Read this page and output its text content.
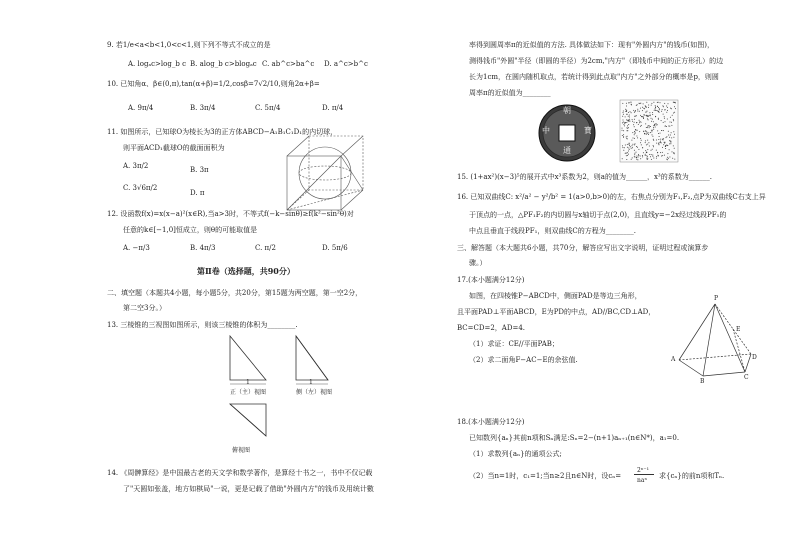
9. 若1/e<a<b<1,0<c<1,则下列不等式不成立的是
A. logₐc>log_b c B. alog_b c>blogₐc C. ab^c>ba^c D. a^c>b^c
10. 已知角α、β∈(0,π),tan(α+β)=1/2,cosβ=7√2/10,则角2α+β=
A. 9π/4	B. 3π/4	C. 5π/4	D. π/4
11. 如图所示，已知球O为棱长为3的正方体ABCD−A₁B₁C₁D₁的内切球，
则平面ACD₁截球O的截面面积为
A. 3π/2	B. 3π
C. 3√6π/2
D. π
12. 设函数f(x)=x(x−a)²(x∈R),当a>3时，不等式f(−k−sinθ)≥f(k²−sin²θ)对
任意的k∈[−1,0]恒成立，则θ的可能取值是
A. −π/3	B. 4π/3	C. π/2	D. 5π/6
第Ⅱ卷（选择题，共90分）
二、填空题（本题共4小题，每小题5分，共20分，第15题为两空题，第一空2分，
第二空3分。）
13. 三棱锥的三视图如图所示，则该三棱锥的体积为________.
1	1
正（主）视图	侧（左）视图
俯视图
14. 《周髀算经》是中国最古老的天文学和数学著作，是算经十书之一，书中不仅记载
了"天圆如张盖，地方如棋局"一说，更是记载了借助"外圆内方"的钱币及用统计數
率得到圆周率π的近似值的方法. 具体做法如下：现有"外圆内方"的钱币(如图)，
测得钱币"外圆"半径（即圆的半径）为2cm,"内方"（即钱币中间的正方形孔）的边
长为1cm，在圆内随机取点，若统计得到此点取"内方"之外部分的概率是p，则圆
周率π的近似值为________
朝
通
中	寶
15. (1+ax²)(x−3)⁵的展开式中x³系数为2，则a的值为______，x³的系数为______.
16. 已知双曲线C: x²/a² − y²/b² = 1(a>0,b>0)的左，右焦点分别为F₁,F₂,点P为双曲线C右支上异
于顶点的一点，△PF₁F₂的内切圆与x轴切于点(2,0)，且直线y=−2x经过线段PF₁的
中点且垂直于线段PF₁，则双曲线C的方程为________.
三、解答题（本大题共6小题，共70分，解答应写出文字说明，证明过程或演算步
骤。）
17.(本小题满分12分)
如图，在四棱锥P−ABCD中，侧面PAD是等边三角形，
且平面PAD⊥平面ABCD，E为PD的中点，AD//BC,CD⊥AD，
BC=CD=2，AD=4.
（1）求证：CE//平面PAB；
（2）求二面角F−AC−E的余弦值.
P
A
B
C
D
E
18.(本小题满分12分)
已知数列{aₙ}其前n项和Sₙ满足:Sₙ=2−(n+1)aₙ₊₁(n∈N*)，a₁=0.
（1）求数列{aₙ}的通项公式;
（2）当n=1时，c₁=1;当n≥2且n∈N时，设cₙ=
2ⁿ⁻¹
naⁿ
求{cₙ}的前n项和Tₙ.
